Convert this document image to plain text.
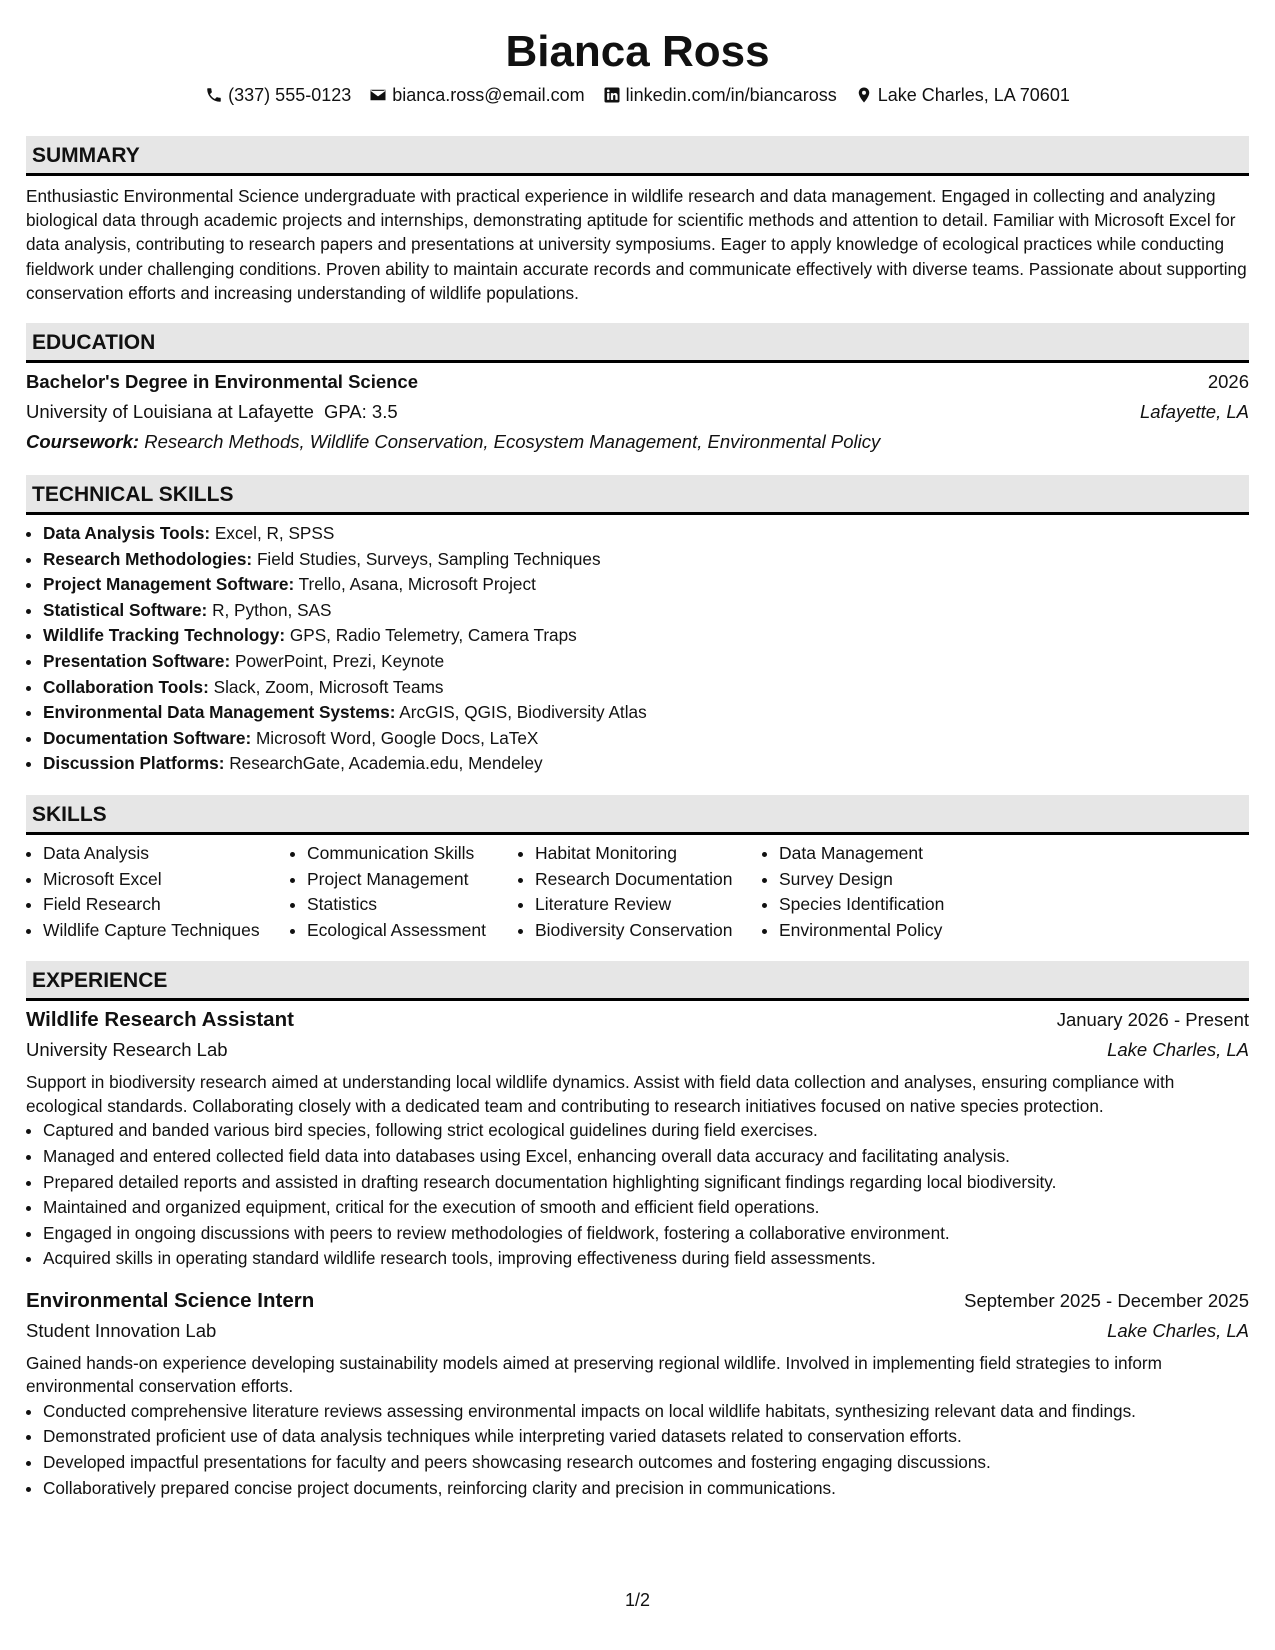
Bianca Ross
(337) 555-0123 bianca.ross@email.com linkedin.com/in/biancaross Lake Charles, LA 70601
SUMMARY

Enthusiastic Environmental Science undergraduate with practical experience in wildlife research and data management. Engaged in collecting and analyzing biological data through academic projects and internships, demonstrating aptitude for scientific methods and attention to detail. Familiar with Microsoft Excel for data analysis, contributing to research papers and presentations at university symposiums. Eager to apply knowledge of ecological practices while conducting fieldwork under challenging conditions. Proven ability to maintain accurate records and communicate effectively with diverse teams. Passionate about supporting conservation efforts and increasing understanding of wildlife populations.

EDUCATION
Bachelor's Degree in Environmental Science	2026
University of Louisiana at Lafayette GPA: 3.5	Lafayette, LA
Coursework: Research Methods, Wildlife Conservation, Ecosystem Management, Environmental Policy
TECHNICAL SKILLS
• Data Analysis Tools: Excel, R, SPSS
• Research Methodologies: Field Studies, Surveys, Sampling Techniques
• Project Management Software: Trello, Asana, Microsoft Project
• Statistical Software: R, Python, SAS
• Wildlife Tracking Technology: GPS, Radio Telemetry, Camera Traps
• Presentation Software: PowerPoint, Prezi, Keynote
• Collaboration Tools: Slack, Zoom, Microsoft Teams
• Environmental Data Management Systems: ArcGIS, QGIS, Biodiversity Atlas
• Documentation Software: Microsoft Word, Google Docs, LaTeX
• Discussion Platforms: ResearchGate, Academia.edu, Mendeley
SKILLS
• Data Analysis
• Microsoft Excel
• Field Research
• Wildlife Capture Techniques
• Communication Skills
• Project Management
• Statistics
• Ecological Assessment
• Habitat Monitoring
• Research Documentation
• Literature Review
• Biodiversity Conservation
• Data Management
• Survey Design
• Species Identification
• Environmental Policy
EXPERIENCE
Wildlife Research Assistant	January 2026 - Present
University Research Lab	Lake Charles, LA

Support in biodiversity research aimed at understanding local wildlife dynamics. Assist with field data collection and analyses, ensuring compliance with ecological standards. Collaborating closely with a dedicated team and contributing to research initiatives focused on native species protection.

• Captured and banded various bird species, following strict ecological guidelines during field exercises.
• Managed and entered collected field data into databases using Excel, enhancing overall data accuracy and facilitating analysis.
• Prepared detailed reports and assisted in drafting research documentation highlighting significant findings regarding local biodiversity.
• Maintained and organized equipment, critical for the execution of smooth and efficient field operations.
• Engaged in ongoing discussions with peers to review methodologies of fieldwork, fostering a collaborative environment.
• Acquired skills in operating standard wildlife research tools, improving effectiveness during field assessments.
Environmental Science Intern	September 2025 - December 2025
Student Innovation Lab	Lake Charles, LA

Gained hands-on experience developing sustainability models aimed at preserving regional wildlife. Involved in implementing field strategies to inform environmental conservation efforts.

• Conducted comprehensive literature reviews assessing environmental impacts on local wildlife habitats, synthesizing relevant data and findings.
• Demonstrated proficient use of data analysis techniques while interpreting varied datasets related to conservation efforts.
• Developed impactful presentations for faculty and peers showcasing research outcomes and fostering engaging discussions.
• Collaboratively prepared concise project documents, reinforcing clarity and precision in communications.
1/2
